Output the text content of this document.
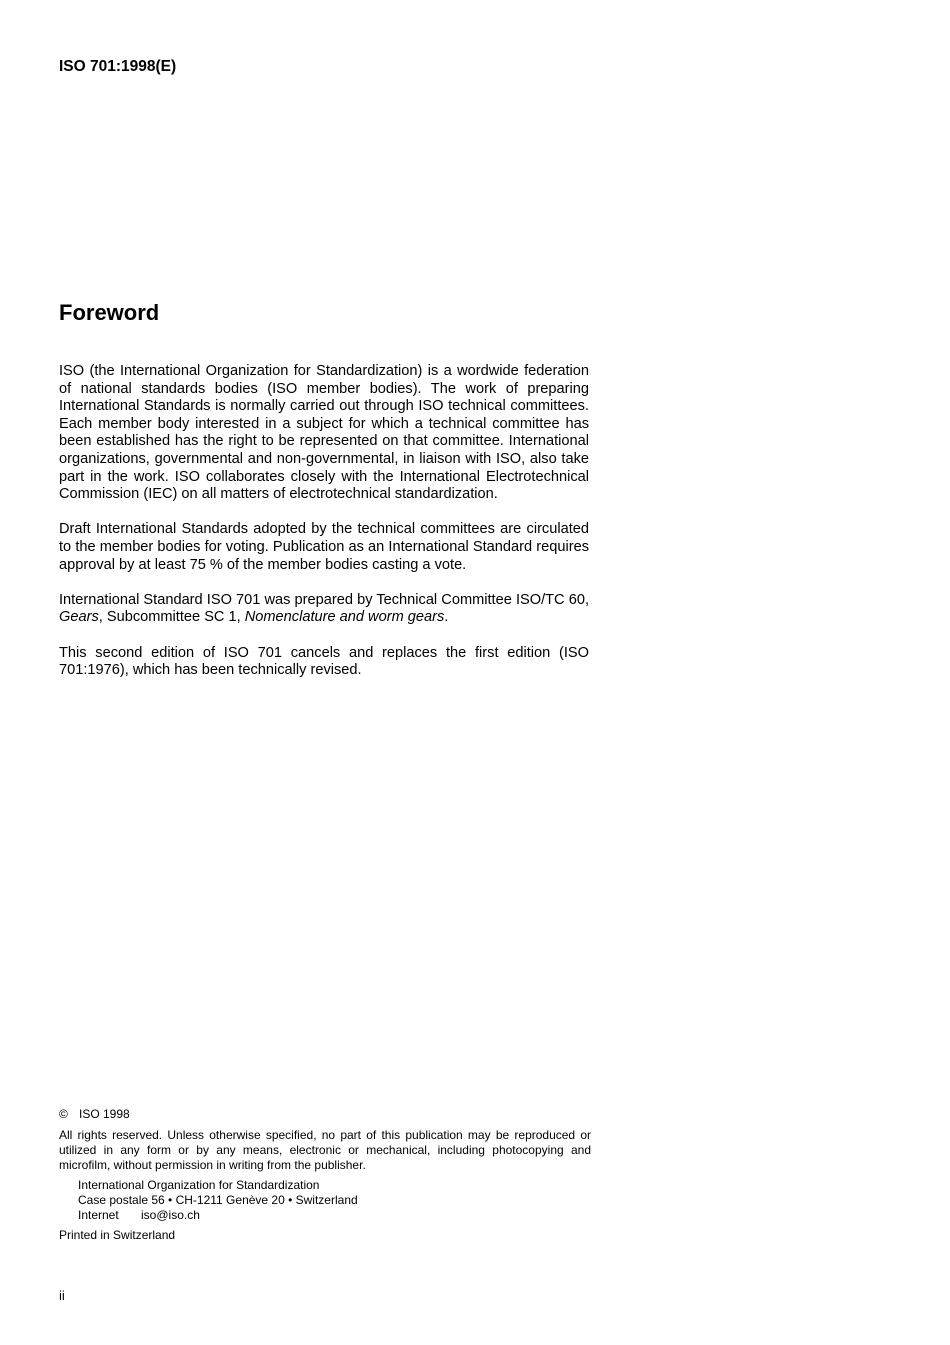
ISO 701:1998(E)
Foreword

ISO (the International Organization for Standardization) is a wordwide federation of national standards bodies (ISO member bodies). The work of preparing International Standards is normally carried out through ISO technical committees. Each member body interested in a subject for which a technical committee has been established has the right to be represented on that committee. International organizations, governmental and non-governmental, in liaison with ISO, also take part in the work. ISO collaborates closely with the International Electrotechnical Commission (IEC) on all matters of electrotechnical standardization.

Draft International Standards adopted by the technical committees are circulated to the member bodies for voting. Publication as an International Standard requires approval by at least 75 % of the member bodies casting a vote.

International Standard ISO 701 was prepared by Technical Committee ISO/TC 60, Gears, Subcommittee SC 1, Nomenclature and worm gears.

This second edition of ISO 701 cancels and replaces the first edition (ISO 701:1976), which has been technically revised.

© ISO 1998
All rights reserved. Unless otherwise specified, no part of this publication may be reproduced or utilized in any form or by any means, electronic or mechanical, including photocopying and microfilm, without permission in writing from the publisher.
International Organization for Standardization
Case postale 56 • CH-1211 Genève 20 • Switzerland
Internet iso@iso.ch
Printed in Switzerland
ii
